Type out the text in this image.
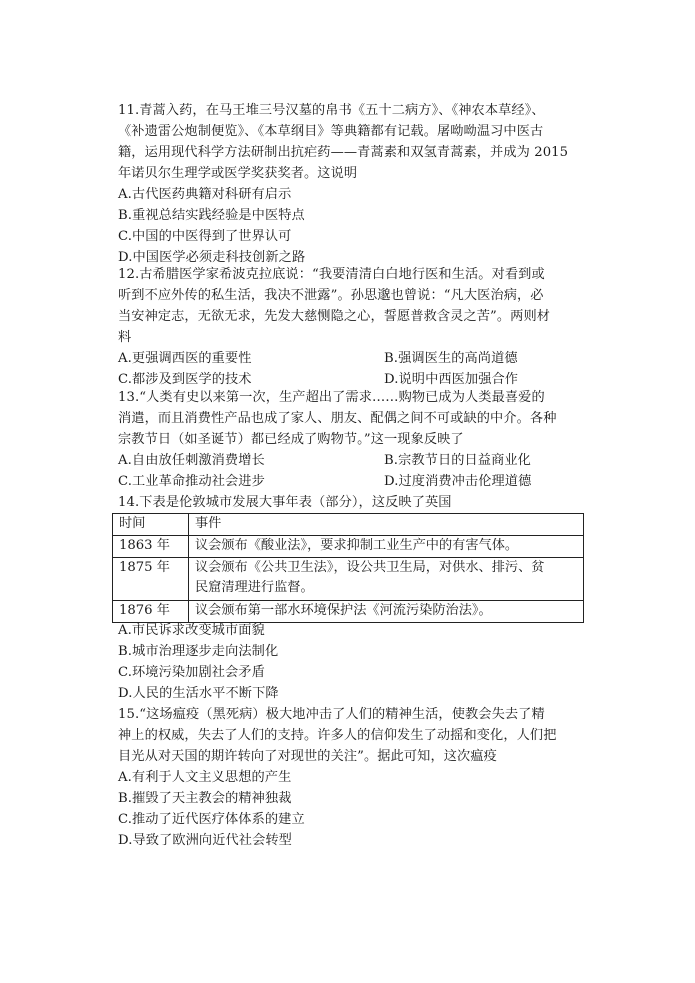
11.青蒿入药，在马王堆三号汉墓的帛书《五十二病方》、《神农本草经》、
《补遗雷公炮制便览》、《本草纲目》等典籍都有记载。屠呦呦温习中医古
籍，运用现代科学方法研制出抗疟药——青蒿素和双氢青蒿素，并成为 2015
年诺贝尔生理学或医学奖获奖者。这说明
A.古代医药典籍对科研有启示
B.重视总结实践经验是中医特点
C.中国的中医得到了世界认可
D.中国医学必须走科技创新之路
12.古希腊医学家希波克拉底说：“我要清清白白地行医和生活。对看到或
听到不应外传的私生活，我决不泄露”。孙思邈也曾说：“凡大医治病，必
当安神定志，无欲无求，先发大慈恻隐之心，誓愿普救含灵之苦”。两则材
料
A.更强调西医的重要性	B.强调医生的高尚道德
C.都涉及到医学的技术	D.说明中西医加强合作
13.“人类有史以来第一次，生产超出了需求……购物已成为人类最喜爱的
消遣，而且消费性产品也成了家人、朋友、配偶之间不可或缺的中介。各种
宗教节日（如圣诞节）都已经成了购物节。”这一现象反映了
A.自由放任刺激消费增长	B.宗教节日的日益商业化
C.工业革命推动社会进步	D.过度消费冲击伦理道德
14.下表是伦敦城市发展大事年表（部分），这反映了英国
时间	事件
1863 年	议会颁布《酸业法》，要求抑制工业生产中的有害气体。

1875 年	议会颁布《公共卫生法》，设公共卫生局，对供水、排污、贫
民窟清理进行监督。

1876 年	议会颁布第一部水环境保护法《河流污染防治法》。
A.市民诉求改变城市面貌
B.城市治理逐步走向法制化
C.环境污染加剧社会矛盾
D.人民的生活水平不断下降
15.“这场瘟疫（黑死病）极大地冲击了人们的精神生活，使教会失去了精
神上的权威，失去了人们的支持。许多人的信仰发生了动摇和变化，人们把
目光从对天国的期许转向了对现世的关注”。据此可知，这次瘟疫
A.有利于人文主义思想的产生
B.摧毁了天主教会的精神独裁
C.推动了近代医疗体体系的建立
D.导致了欧洲向近代社会转型
